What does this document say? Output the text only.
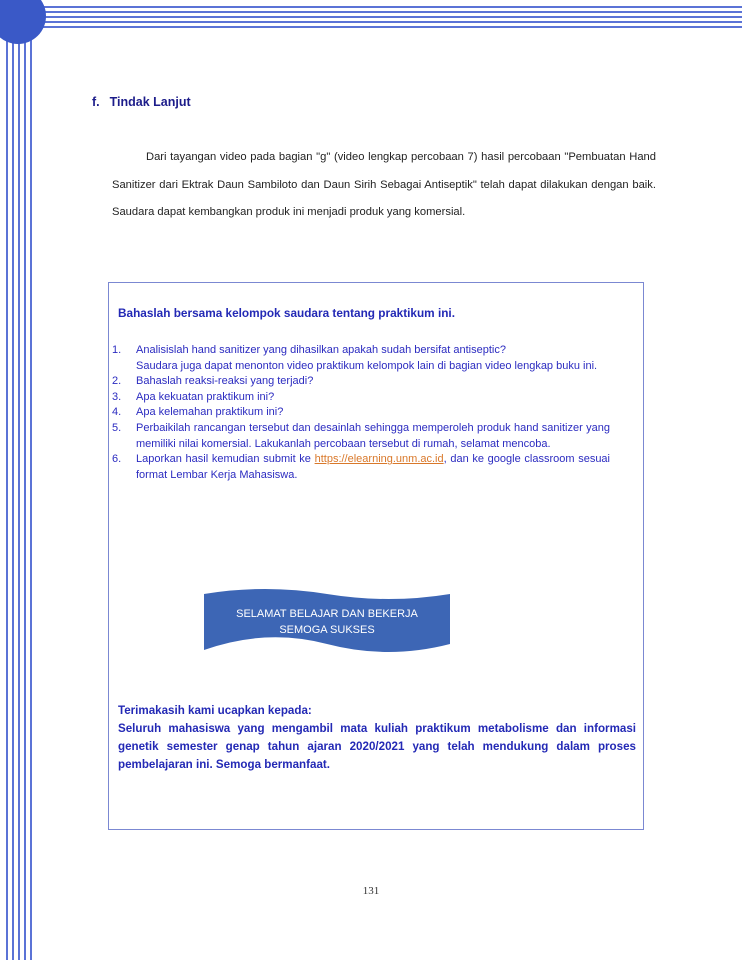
f. Tindak Lanjut
Dari tayangan video pada bagian "g" (video lengkap percobaan 7) hasil percobaan "Pembuatan Hand Sanitizer dari Ektrak Daun Sambiloto dan Daun Sirih Sebagai Antiseptik" telah dapat dilakukan dengan baik. Saudara dapat kembangkan produk ini menjadi produk yang komersial.
Bahaslah bersama kelompok saudara tentang praktikum ini.
1. Analisislah hand sanitizer yang dihasilkan apakah sudah bersifat antiseptic?
Saudara juga dapat menonton video praktikum kelompok lain di bagian video lengkap buku ini.
2. Bahaslah reaksi-reaksi yang terjadi?
3. Apa kekuatan praktikum ini?
4. Apa kelemahan praktikum ini?
5. Perbaikilah rancangan tersebut dan desainlah sehingga memperoleh produk hand sanitizer yang memiliki nilai komersial. Lakukanlah percobaan tersebut di rumah, selamat mencoba.
6. Laporkan hasil kemudian submit ke https://elearning.unm.ac.id, dan ke google classroom sesuai format Lembar Kerja Mahasiswa.
SELAMAT BELAJAR DAN BEKERJA
SEMOGA SUKSES

Terimakasih kami ucapkan kepada:

Seluruh mahasiswa yang mengambil mata kuliah praktikum metabolisme dan informasi genetik semester genap tahun ajaran 2020/2021 yang telah mendukung dalam proses pembelajaran ini. Semoga bermanfaat.

131
